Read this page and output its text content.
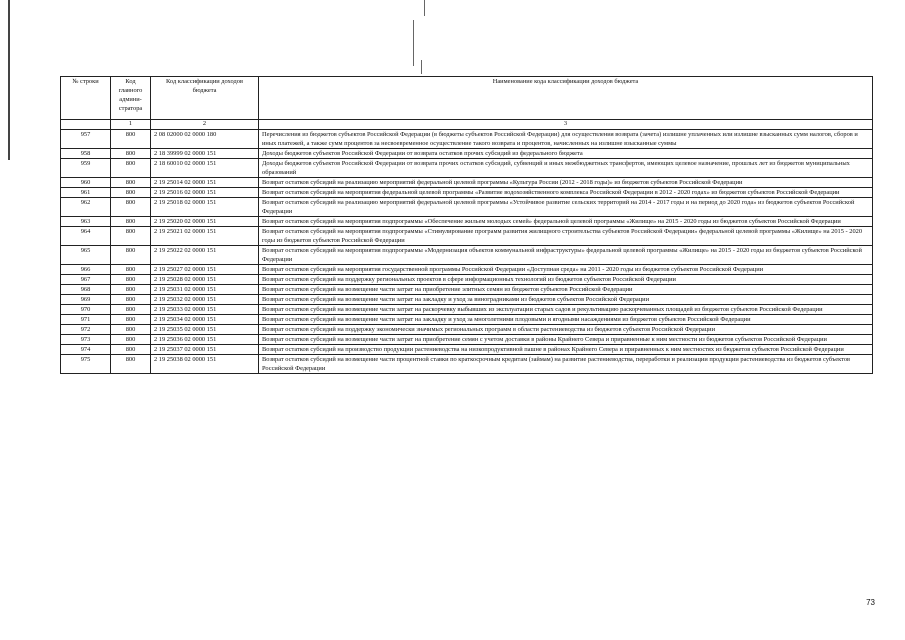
№ строки	Код главного админи-стратора	Код классификации доходов бюджета	Наименование кода классификации доходов бюджета
	1	2	3
957	800	2 08 02000 02 0000 180	Перечисления из бюджетов субъектов Российской Федерации (в бюджеты субъектов Российской Федерации) для осуществления возврата (зачета) излишне уплаченных или излишне взысканных сумм налогов, сборов и иных платежей, а также сумм процентов за несвоевременное осуществление такого возврата и процентов, начисленных на излишне взысканные суммы
958	800	2 18 39999 02 0000 151	Доходы бюджетов субъектов Российской Федерации от возврата остатков прочих субсидий из федерального бюджета
959	800	2 18 60010 02 0000 151	Доходы бюджетов субъектов Российской Федерации от возврата прочих остатков субсидий, субвенций и иных межбюджетных трансфертов, имеющих целевое назначение, прошлых лет из бюджетов муниципальных образований
960	800	2 19 25014 02 0000 151	Возврат остатков субсидий на реализацию мероприятий федеральной целевой программы «Культура России (2012 - 2018 годы)» из бюджетов субъектов Российской Федерации
961	800	2 19 25016 02 0000 151	Возврат остатков субсидий на мероприятия федеральной целевой программы «Развитие водохозяйственного комплекса Российской Федерации в 2012 - 2020 годах» из бюджетов субъектов Российской Федерации
962	800	2 19 25018 02 0000 151	Возврат остатков субсидий на реализацию мероприятий федеральной целевой программы «Устойчивое развитие сельских территорий на 2014 - 2017 годы и на период до 2020 года» из бюджетов субъектов Российской Федерации
963	800	2 19 25020 02 0000 151	Возврат остатков субсидий на мероприятия подпрограммы «Обеспечение жильем молодых семей» федеральной целевой программы «Жилище» на 2015 - 2020 годы из бюджетов субъектов Российской Федерации
964	800	2 19 25021 02 0000 151	Возврат остатков субсидий на мероприятия подпрограммы «Стимулирование программ развития жилищного строительства субъектов Российской Федерации» федеральной целевой программы «Жилище» на 2015 - 2020 годы из бюджетов субъектов Российской Федерации
965	800	2 19 25022 02 0000 151	Возврат остатков субсидий на мероприятия подпрограммы «Модернизация объектов коммунальной инфраструктуры» федеральной целевой программы «Жилище» на 2015 - 2020 годы из бюджетов субъектов Российской Федерации
966	800	2 19 25027 02 0000 151	Возврат остатков субсидий на мероприятия государственной программы Российской Федерации «Доступная среда» на 2011 - 2020 годы из бюджетов субъектов Российской Федерации
967	800	2 19 25028 02 0000 151	Возврат остатков субсидий на поддержку региональных проектов в сфере информационных технологий из бюджетов субъектов Российской Федерации
968	800	2 19 25031 02 0000 151	Возврат остатков субсидий на возмещение части затрат на приобретение элитных семян из бюджетов субъектов Российской Федерации
969	800	2 19 25032 02 0000 151	Возврат остатков субсидий на возмещение части затрат на закладку и уход за виноградниками из бюджетов субъектов Российской Федерации
970	800	2 19 25033 02 0000 151	Возврат остатков субсидий на возмещение части затрат на раскорчевку выбывших из эксплуатации старых садов и рекультивацию раскорчеванных площадей из бюджетов субъектов Российской Федерации
971	800	2 19 25034 02 0000 151	Возврат остатков субсидий на возмещение части затрат на закладку и уход за многолетними плодовыми и ягодными насаждениями из бюджетов субъектов Российской Федерации
972	800	2 19 25035 02 0000 151	Возврат остатков субсидий на поддержку экономически значимых региональных программ в области растениеводства из бюджетов субъектов Российской Федерации
973	800	2 19 25036 02 0000 151	Возврат остатков субсидий на возмещение части затрат на приобретение семян с учетом доставки в районы Крайнего Севера и приравненные к ним местности из бюджетов субъектов Российской Федерации
974	800	2 19 25037 02 0000 151	Возврат остатков субсидий на производство продукции растениеводства на низкопродуктивной пашне в районах Крайнего Севера и приравненных к ним местностях из бюджетов субъектов Российской Федерации
975	800	2 19 25038 02 0000 151	Возврат остатков субсидий на возмещение части процентной ставки по краткосрочным кредитам (займам) на развитие растениеводства, переработки и реализации продукции растениеводства из бюджетов субъектов Российской Федерации
73
